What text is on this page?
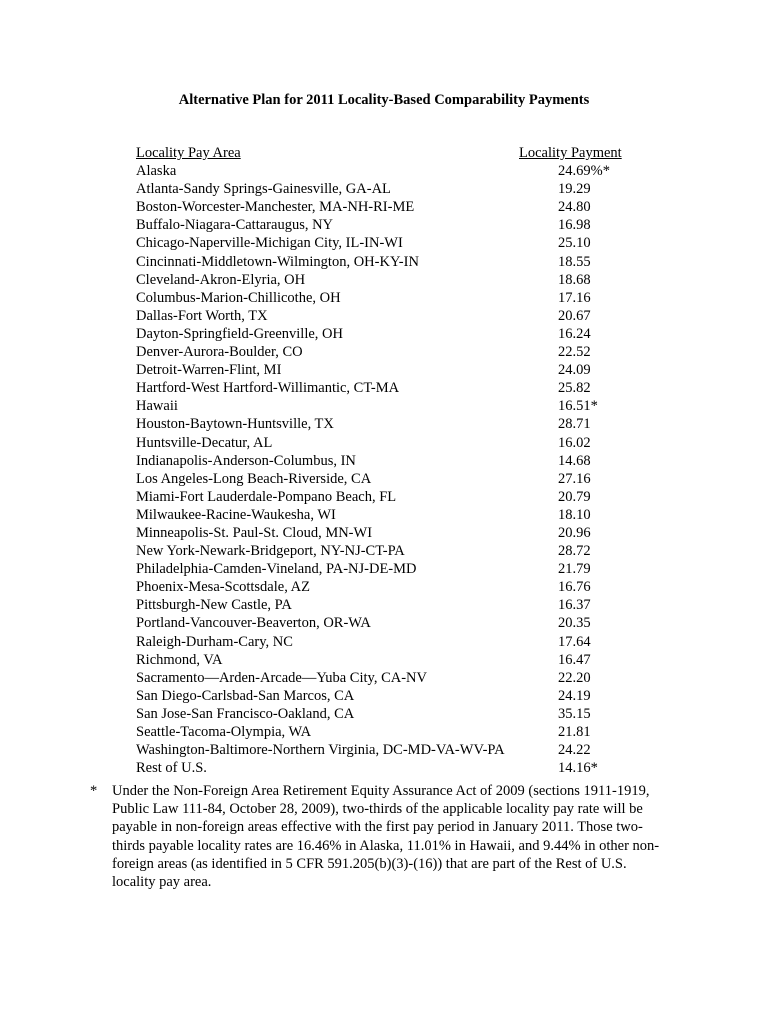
Alternative Plan for 2011 Locality-Based Comparability Payments
Locality Pay Area	Locality Payment
Alaska	24.69%*
Atlanta-Sandy Springs-Gainesville, GA-AL	19.29
Boston-Worcester-Manchester, MA-NH-RI-ME	24.80
Buffalo-Niagara-Cattaraugus, NY	16.98
Chicago-Naperville-Michigan City, IL-IN-WI	25.10
Cincinnati-Middletown-Wilmington, OH-KY-IN	18.55
Cleveland-Akron-Elyria, OH	18.68
Columbus-Marion-Chillicothe, OH	17.16
Dallas-Fort Worth, TX	20.67
Dayton-Springfield-Greenville, OH	16.24
Denver-Aurora-Boulder, CO	22.52
Detroit-Warren-Flint, MI	24.09
Hartford-West Hartford-Willimantic, CT-MA	25.82
Hawaii	16.51*
Houston-Baytown-Huntsville, TX	28.71
Huntsville-Decatur, AL	16.02
Indianapolis-Anderson-Columbus, IN	14.68
Los Angeles-Long Beach-Riverside, CA	27.16
Miami-Fort Lauderdale-Pompano Beach, FL	20.79
Milwaukee-Racine-Waukesha, WI	18.10
Minneapolis-St. Paul-St. Cloud, MN-WI	20.96
New York-Newark-Bridgeport, NY-NJ-CT-PA	28.72
Philadelphia-Camden-Vineland, PA-NJ-DE-MD	21.79
Phoenix-Mesa-Scottsdale, AZ	16.76
Pittsburgh-New Castle, PA	16.37
Portland-Vancouver-Beaverton, OR-WA	20.35
Raleigh-Durham-Cary, NC	17.64
Richmond, VA	16.47
Sacramento—Arden-Arcade—Yuba City, CA-NV	22.20
San Diego-Carlsbad-San Marcos, CA	24.19
San Jose-San Francisco-Oakland, CA	35.15
Seattle-Tacoma-Olympia, WA	21.81
Washington-Baltimore-Northern Virginia, DC-MD-VA-WV-PA	24.22
Rest of U.S.	14.16*
* Under the Non-Foreign Area Retirement Equity Assurance Act of 2009 (sections 1911-1919, Public Law 111-84, October 28, 2009), two-thirds of the applicable locality pay rate will be payable in non-foreign areas effective with the first pay period in January 2011. Those two-thirds payable locality rates are 16.46% in Alaska, 11.01% in Hawaii, and 9.44% in other non-foreign areas (as identified in 5 CFR 591.205(b)(3)-(16)) that are part of the Rest of U.S. locality pay area.
